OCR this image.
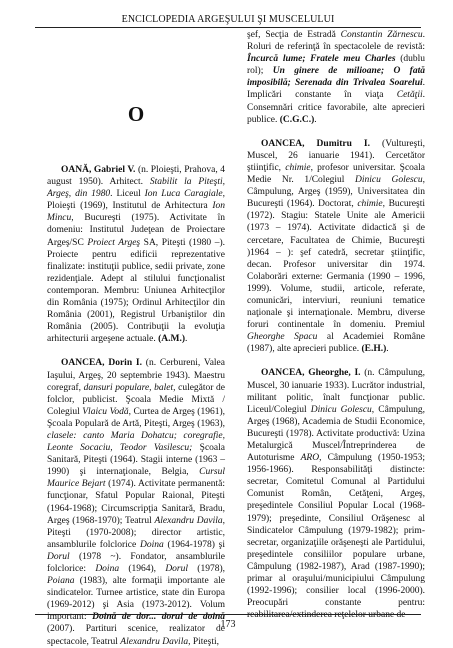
ENCICLOPEDIA ARGEŞULUI ŞI MUSCELULUI
O

OANĂ, Gabriel V. (n. Ploieşti, Prahova, 4 august 1950). Arhitect. Stabilit la Piteşti, Argeş, din 1980. Liceul Ion Luca Caragiale, Ploieşti (1969), Institutul de Arhitectura Ion Mincu, Bucureşti (1975). Activitate în domeniu: Institutul Judeţean de Proiectare Argeş/SC Proiect Argeş SA, Piteşti (1980 –). Proiecte pentru edificii reprezentative finalizate: instituţii publice, sedii private, zone rezidenţiale. Adept al stilului funcţionalist contemporan. Membru: Uniunea Arhitecţilor din România (1975); Ordinul Arhitecţilor din România (2001), Registrul Urbaniştilor din România (2005). Contribuţii la evoluţia arhitecturii argeşene actuale. (A.M.).

OANCEA, Dorin I. (n. Cerbureni, Valea Iaşului, Argeş, 20 septembrie 1943). Maestru coregraf, dansuri populare, balet, culegător de folclor, publicist. Şcoala Medie Mixtă / Colegiul Vlaicu Vodă, Curtea de Argeş (1961), Şcoala Populară de Artă, Piteşti, Argeş (1963), clasele: canto Maria Dohatcu; coregrafie, Leonte Socaciu, Teodor Vasilescu; Şcoala Sanitară, Piteşti (1964). Stagii interne (1963 – 1990) şi internaţionale, Belgia, Cursul Maurice Bejart (1974). Activitate permanentă: funcţionar, Sfatul Popular Raional, Piteşti (1964-1968); Circumscripţia Sanitară, Bradu, Argeş (1968-1970); Teatrul Alexandru Davila, Piteşti (1970-2008); director artistic, ansamblurile folclorice Doina (1964-1978) şi Dorul (1978 ~). Fondator, ansamblurile folclorice: Doina (1964), Dorul (1978), Poiana (1983), alte formaţii importante ale sindicatelor. Turnee artistice, state din Europa (1969-2012) şi Asia (1973-2012). Volum important: Doină de dor... dorul de doină (2007). Partituri scenice, realizator de spectacole, Teatrul Alexandru Davila, Piteşti,

şef, Secţia de Estradă Constantin Zărnescu. Roluri de referinţă în spectacolele de revistă: Încurcă lume; Fratele meu Charles (dublu rol); Un ginere de milioane; O fată imposibilă; Serenada din Trivalea Soarelui. Implicări constante în viaţa Cetăţii. Consemnări critice favorabile, alte aprecieri publice. (C.G.C.).

OANCEA, Dumitru I. (Vultureşti, Muscel, 26 ianuarie 1941). Cercetător ştiinţific, chimie, profesor universitar. Şcoala Medie Nr. 1/Colegiul Dinicu Golescu, Câmpulung, Argeş (1959), Universitatea din Bucureşti (1964). Doctorat, chimie, Bucureşti (1972). Stagiu: Statele Unite ale Americii (1973 – 1974). Activitate didactică şi de cercetare, Facultatea de Chimie, Bucureşti )1964 – ): şef catedră, secretar ştiinţific, decan. Profesor universitar din 1974. Colaborări externe: Germania (1990 – 1996, 1999). Volume, studii, articole, referate, comunicări, interviuri, reuniuni tematice naţionale şi internaţionale. Membru, diverse foruri continentale în domeniu. Premiul Gheorghe Spacu al Academiei Române (1987), alte aprecieri publice. (E.H.).

OANCEA, Gheorghe, I. (n. Câmpulung, Muscel, 30 ianuarie 1933). Lucrător industrial, militant politic, înalt funcţionar public. Liceul/Colegiul Dinicu Golescu, Câmpulung, Argeş (1968), Academia de Studii Economice, Bucureşti (1978). Activitate productivă: Uzina Metalurgică Muscel/Întreprinderea de Autoturisme ARO, Câmpulung (1950-1953; 1956-1966). Responsabilităţi distincte: secretar, Comitetul Comunal al Partidului Comunist Român, Cetăţeni, Argeş, preşedintele Consiliul Popular Local (1968-1979); preşedinte, Consiliul Orăşenesc al Sindicatelor Câmpulung (1979-1982); prim-secretar, organizaţiile orăşeneşti ale Partidului, preşedintele consiliilor populare urbane, Câmpulung (1982-1987), Arad (1987-1990); primar al oraşului/municipiului Câmpulung (1992-1996); consilier local (1996-2000). Preocupări constante pentru: reabilitarea/extinderea reţelelor urbane de

173
